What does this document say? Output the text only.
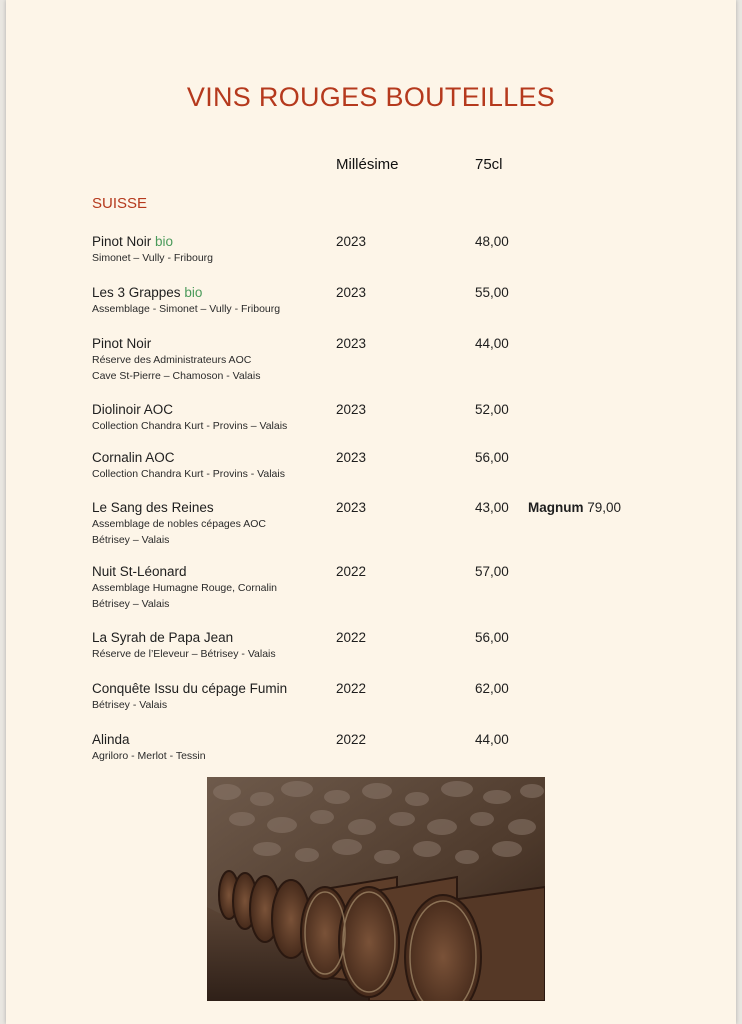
VINS ROUGES BOUTEILLES
Millésime	75cl
SUISSE
Pinot Noir bio
Simonet – Vully - Fribourg
2023	48,00
Les 3 Grappes bio
Assemblage - Simonet – Vully - Fribourg
2023	55,00
Pinot Noir
Réserve des Administrateurs AOC
Cave St-Pierre – Chamoson - Valais
2023	44,00
Diolinoir AOC
Collection Chandra Kurt - Provins – Valais
2023	52,00
Cornalin AOC
Collection Chandra Kurt - Provins - Valais
2023	56,00
Le Sang des Reines
Assemblage de nobles cépages AOC
Bétrisey – Valais
2023	43,00 Magnum 79,00
Nuit St-Léonard
Assemblage Humagne Rouge, Cornalin
Bétrisey – Valais
2022	57,00
La Syrah de Papa Jean
Réserve de l’Eleveur – Bétrisey - Valais
2022	56,00
Conquête Issu du cépage Fumin
Bétrisey - Valais
2022	62,00
Alinda
Agriloro - Merlot - Tessin
2022	44,00
